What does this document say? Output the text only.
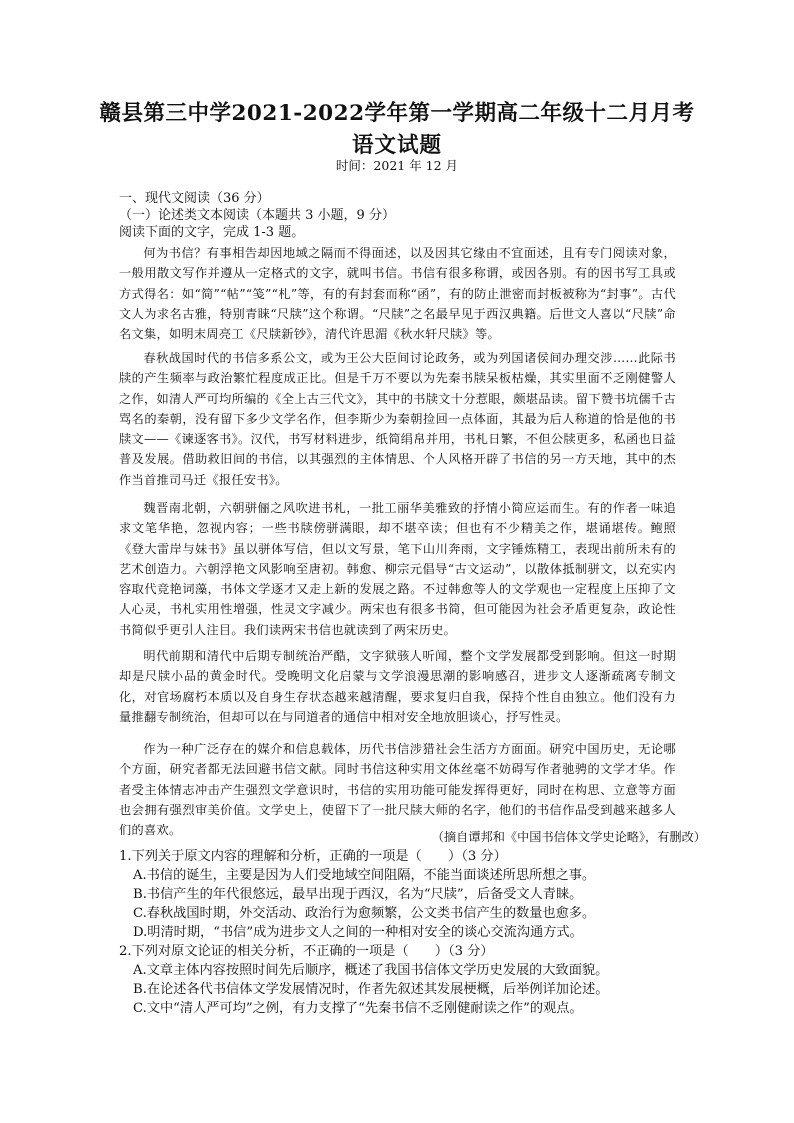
赣县第三中学2021-2022学年第一学期高二年级十二月月考
语文试题
时间：2021 年 12 月
一、现代文阅读（36 分）
（一）论述类文本阅读（本题共 3 小题，9 分）
阅读下面的文字，完成 1-3 题。
何为书信？有事相告却因地域之隔而不得面述，以及因其它缘由不宜面述，且有专门阅读对象，一般用散文写作并遵从一定格式的文字，就叫书信。书信有很多称谓，或因各别。有的因书写工具或方式得名：如“简”“帖”“笺”“札”等，有的有封套而称“函”，有的防止泄密而封板被称为“封事”。古代文人为求名古雅，特别青睐“尺牍”这个称谓。“尺牍”之名最早见于西汉典籍。后世文人喜以“尺牍”命名文集，如明末周亮工《尺牍新钞》，清代许思湄《秋水轩尺牍》等。
春秋战国时代的书信多系公文，或为王公大臣间讨论政务，或为列国诸侯间办理交涉……此际书牍的产生频率与政治繁忙程度成正比。但是千万不要以为先秦书牍呆板枯燥，其实里面不乏刚健警人之作，如清人严可均所编的《全上古三代文》，其中的书牍文十分惹眼，颇堪品读。留下赞书坑儒千古骂名的秦朝，没有留下多少文学名作，但李斯少为秦朝捡回一点体面，其最为后人称道的恰是他的书牍文——《谏逐客书》。汉代，书写材料进步，纸简绢帛并用，书札日繁，不但公牍更多，私函也日益普及发展。借助救旧间的书信，以其强烈的主体情思、个人风格开辟了书信的另一方天地，其中的杰作当首推司马迁《报任安书》。
魏晋南北朝，六朝骈俪之风吹进书札，一批工丽华美雅致的抒情小简应运而生。有的作者一味追求文笔华艳，忽视内容；一些书牍傍骈满眼，却不堪卒读；但也有不少精美之作，堪诵堪传。鲍照《登大雷岸与妹书》虽以骈体写信，但以文写景，笔下山川奔雨，文字锤炼精工，表现出前所未有的艺术创造力。六朝浮艳文风影响至唐初。韩愈、柳宗元倡导“古文运动”，以散体抵制骈文，以充实内容取代竞艳词藻，书体文学逐才又走上新的发展之路。不过韩愈等人的文学观也一定程度上压抑了文人心灵，书札实用性增强，性灵文字减少。两宋也有很多书简，但可能因为社会矛盾更复杂，政论性书简似乎更引人注目。我们读两宋书信也就读到了两宋历史。
明代前期和清代中后期专制统治严酷，文字狱骇人听闻，整个文学发展都受到影响。但这一时期却是尺牍小品的黄金时代。受晚明文化启蒙与文学浪漫思潮的影响感召，进步文人逐渐疏离专制文化，对官场腐朽本质以及自身生存状态越来越清醒，要求复归自我，保持个性自由独立。他们没有力量推翻专制统治，但却可以在与同道者的通信中相对安全地放胆谈心，抒写性灵。
作为一种广泛存在的媒介和信息载体，历代书信涉猎社会生活方方面面。研究中国历史，无论哪个方面，研究者都无法回避书信文献。同时书信这种实用文体丝毫不妨碍写作者驰骋的文学才华。作者受主体情志冲击产生强烈文学意识时，书信的实用功能可能发挥得更好，同时在构思、立意等方面也会拥有强烈审美价值。文学史上，使留下了一批尺牍大师的名字，他们的书信作品受到越来越多人们的喜欢。	（摘自谭邦和《中国书信体文学史论略》，有删改）
1.下列关于原文内容的理解和分析，正确的一项是（　　）（3 分）
A.书信的诞生，主要是因为人们受地域空间阻隔，不能当面谈述所思所想之事。
B.书信产生的年代很悠远，最早出现于西汉，名为“尺牍”，后备受文人青睐。
C.春秋战国时期，外交活动、政治行为愈频繁，公文类书信产生的数量也愈多。
D.明清时期，“书信”成为进步文人之间的一种相对安全的谈心交流沟通方式。
2.下列对原文论证的相关分析，不正确的一项是（　　）（3 分）
A.文章主体内容按照时间先后顺序，概述了我国书信体文学历史发展的大致面貌。
B.在论述各代书信体文学发展情况时，作者先叙述其发展梗概，后举例详加论述。
C.文中“清人严可均”之例，有力支撑了“先秦书信不乏刚健耐读之作”的观点。
